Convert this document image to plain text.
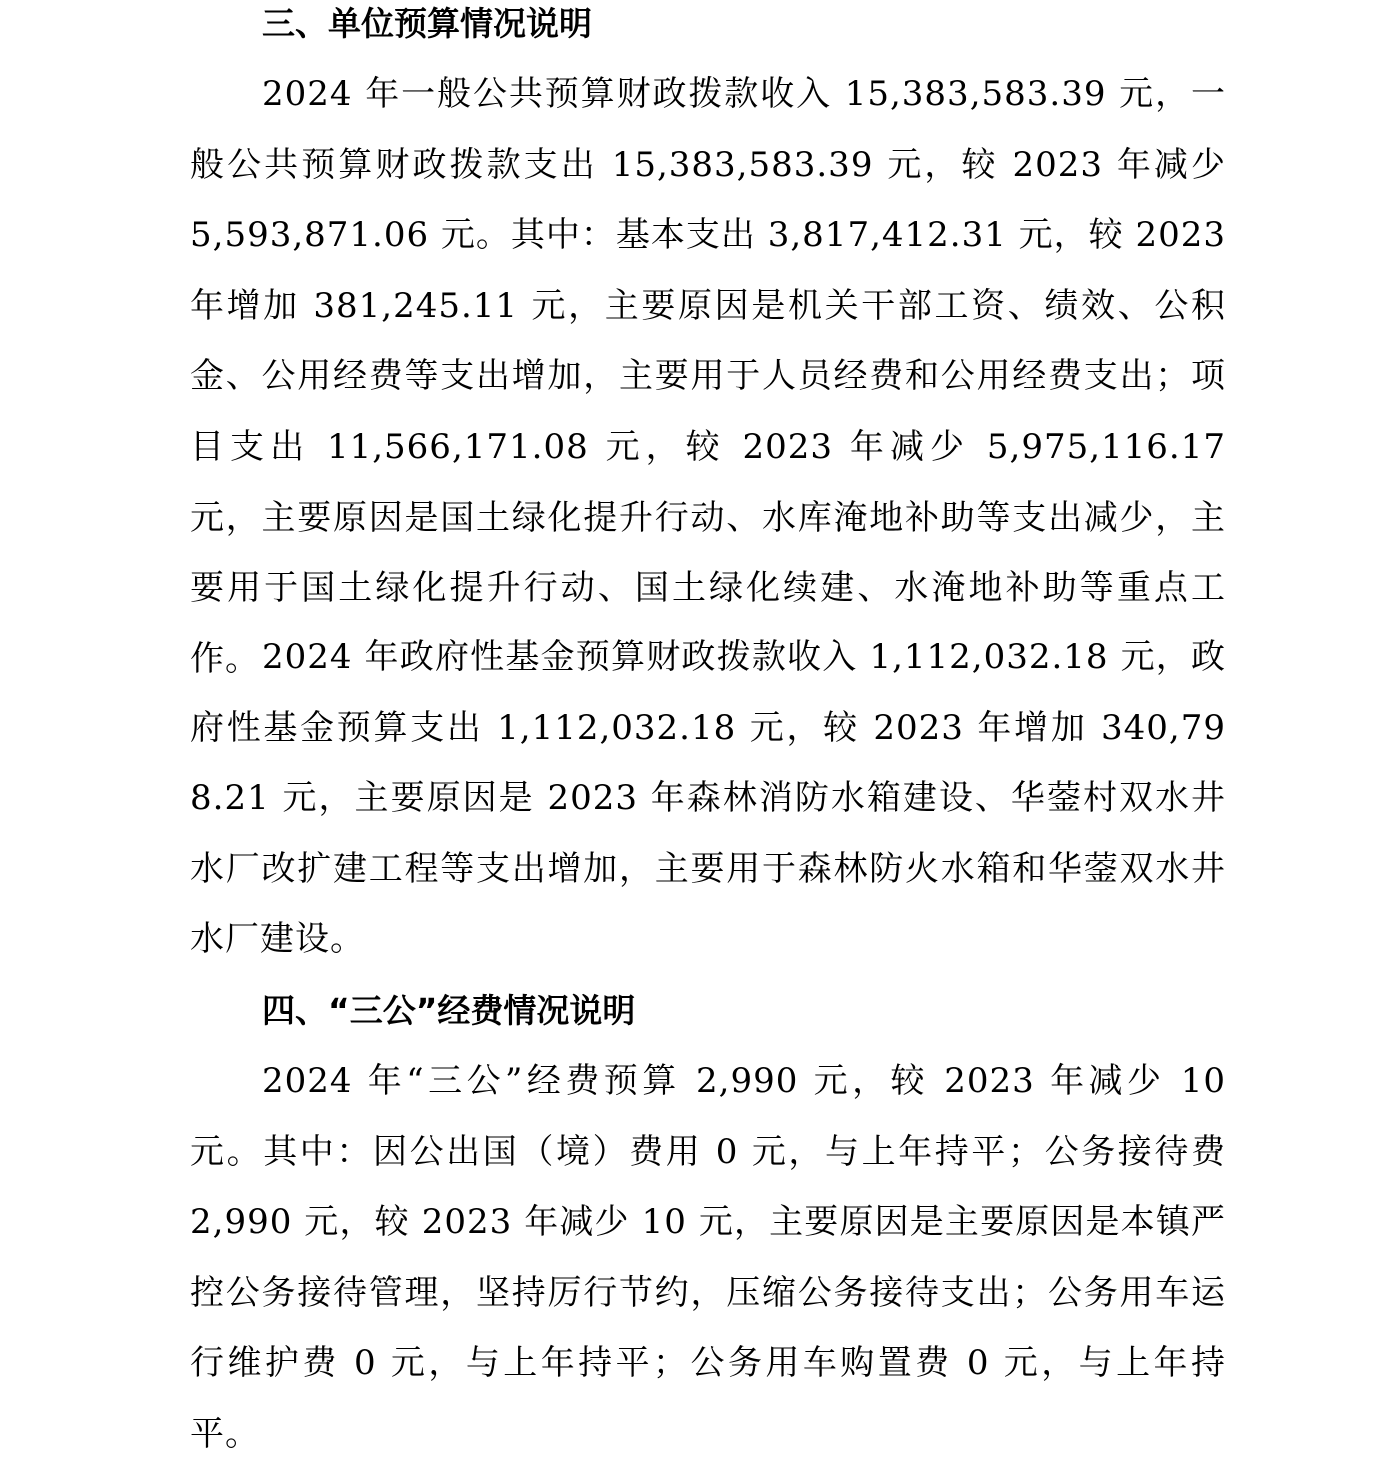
三、单位预算情况说明

2024 年一般公共预算财政拨款收入 15,383,583.39 元，一般公共预算财政拨款支出 15,383,583.39 元，较 2023 年减少 5,593,871.06 元。其中：基本支出 3,817,412.31 元，较 2023 年增加 381,245.11 元，主要原因是机关干部工资、绩效、公积金、公用经费等支出增加，主要用于人员经费和公用经费支出；项目支出 11,566,171.08 元，较 2023 年减少 5,975,116.17 元，主要原因是国土绿化提升行动、水库淹地补助等支出减少，主要用于国土绿化提升行动、国土绿化续建、水淹地补助等重点工作。 2024 年政府性基金预算财政拨款收入 1,112,032.18 元，政府性基金预算支出 1,112,032.18 元，较 2023 年增加 340,798.21 元，主要原因是 2023 年森林消防水箱建设、华蓥村双水井水厂改扩建工程等支出增加，主要用于森林防火水箱和华蓥双水井水厂建设。

四、“三公”经费情况说明

2024 年“三公”经费预算 2,990 元，较 2023 年减少 10 元。其中：因公出国（境）费用 0 元，与上年持平；公务接待费 2,990 元，较 2023 年减少 10 元，主要原因是主要原因是本镇严控公务接待管理，坚持厉行节约，压缩公务接待支出；公务用车运行维护费 0 元，与上年持平；公务用车购置费 0 元，与上年持平。
